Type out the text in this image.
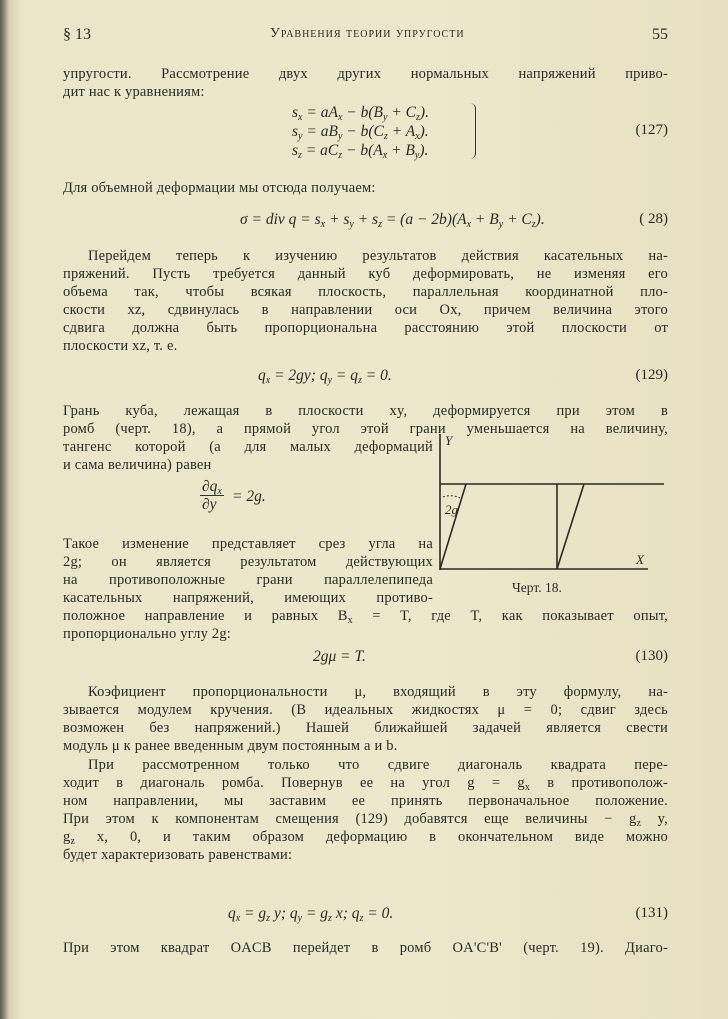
§ 13	Уравнения теории упругости	55
упругости. Рассмотрение двух других нормальных напряжений приво-
дит нас к уравнениям:
Для объемной деформации мы отсюда получаем:
Перейдем теперь к изучению результатов действия касательных на-
пряжений. Пусть требуется данный куб деформировать, не изменяя его
объема так, чтобы всякая плоскость, параллельная координатной пло-
скости xz, сдвинулась в направлении оси Ox, причем величина этого
сдвига должна быть пропорциональна расстоянию этой плоскости от
плоскости xz, т. е.
Грань куба, лежащая в плоскости xy, деформируется при этом в
ромб (черт. 18), а прямой угол этой грани уменьшается на величину,
тангенс которой (а для малых деформаций
и сама величина) равен
Такое изменение представляет срез угла на
2g; он является результатом действующих
на противоположные грани параллелепипеда
касательных напряжений, имеющих противо-
положное направление и равных $B_x = T$, где T, как показывает опыт,
пропорционально углу 2g:
Коэфициент пропорциональности μ, входящий в эту формулу, на-
зывается модулем кручения. (В идеальных жидкостях μ = 0; сдвиг здесь
возможен без напряжений.) Нашей ближайшей задачей является свести
модуль μ к ранее введенным двум постоянным a и b.
При рассмотренном только что сдвиге диагональ квадрата пере-
ходит в диагональ ромба. Повернув ее на угол $g = g_x$ в противополож-
ном направлении, мы заставим ее принять первоначальное положение.
При этом к компонентам смещения (129) добавятся еще величины − $g_z$ y,
$g_z$ x, 0, и таким образом деформацию в окончательном виде можно
будет характеризовать равенствами:
При этом квадрат OACB перейдет в ромб OA'C'B' (черт. 19). Диаго-
$s_x = aA_x - b(B_y + C_z)$.
$s_y = aB_y - b(C_z + A_x)$.
$s_z = aC_z - b(A_x + B_y)$.
(127)
σ = div $q = s_x + s_y + s_z = (a - 2b)(A_x + B_y + C_z)$.	( 28)
$q_x = 2gy$; $q_y = q_z = 0$.	(129)
$\frac{\partial q_x}{\partial y} = 2g$.
2gμ = T.	(130)
$q_x = g_z$ y; $q_y = g_z$ x; $q_z = 0$.	(131)
Y
X
2g
Черт. 18.
